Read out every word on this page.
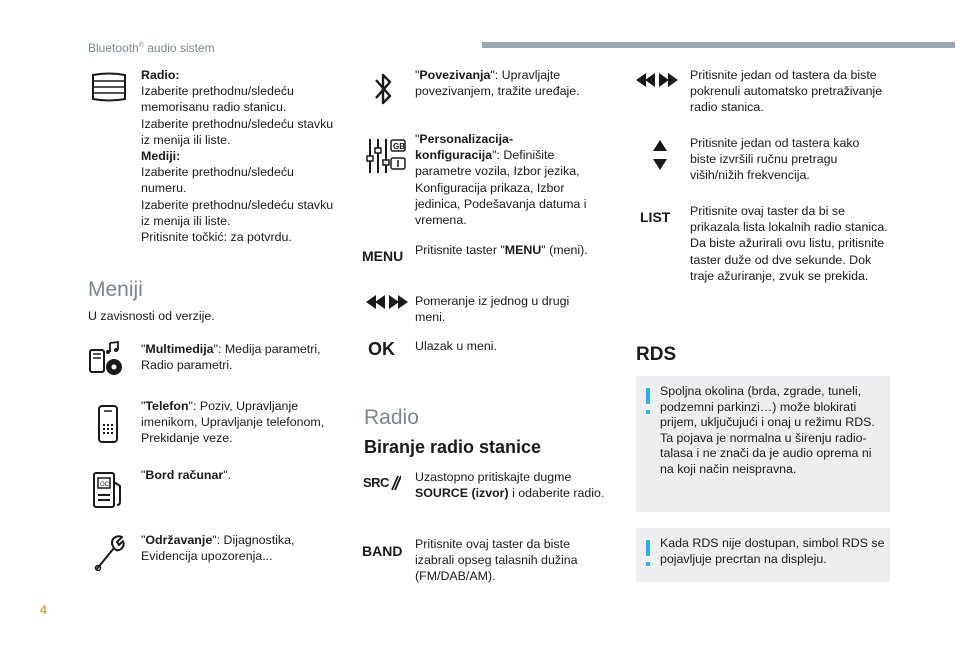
Bluetooth® audio sistem
Radio:
Izaberite prethodnu/sledeću memorisanu radio stanicu.
Izaberite prethodnu/sledeću stavku iz menija ili liste.
Mediji:
Izaberite prethodnu/sledeću numeru.
Izaberite prethodnu/sledeću stavku iz menija ili liste.
Pritisnite točkić: za potvrdu.
Meniji
U zavisnosti od verzije.
"Multimedija": Medija parametri, Radio parametri.
"Telefon": Poziv, Upravljanje imenikom, Upravljanje telefonom, Prekidanje veze.
OC
"Bord računar".
"Održavanje": Dijagnostika, Evidencija upozorenja...
"Povezivanja": Upravljajte povezivanjem, tražite uređaje.
GB
"Personalizacija-konfiguracija": Definišite parametre vozila, Izbor jezika, Konfiguracija prikaza, Izbor jedinica, Podešavanja datuma i vremena.
MENU Pritisnite taster "MENU" (meni).
Pomeranje iz jednog u drugi meni.
OK	Ulazak u meni.
Radio
Biranje radio stanice
SRC Uzastopno pritiskajte dugme SOURCE (izvor) i odaberite radio.
BAND	Pritisnite ovaj taster da biste izabrali opseg talasnih dužina (FM/DAB/AM).
Pritisnite jedan od tastera da biste pokrenuli automatsko pretraživanje radio stanica.
Pritisnite jedan od tastera kako biste izvršili ručnu pretragu viših/nižih frekvencija.
LIST	Pritisnite ovaj taster da bi se prikazala lista lokalnih radio stanica. Da biste ažurirali ovu listu, pritisnite taster duže od dve sekunde. Dok traje ažuriranje, zvuk se prekida.
RDS
Spoljna okolina (brda, zgrade, tuneli, podzemni parkinzi…) može blokirati prijem, uključujući i onaj u režimu RDS. Ta pojava je normalna u širenju radio-talasa i ne znači da je audio oprema ni na koji način neispravna.
Kada RDS nije dostupan, simbol RDS se pojavljuje precrtan na displeju.
4
